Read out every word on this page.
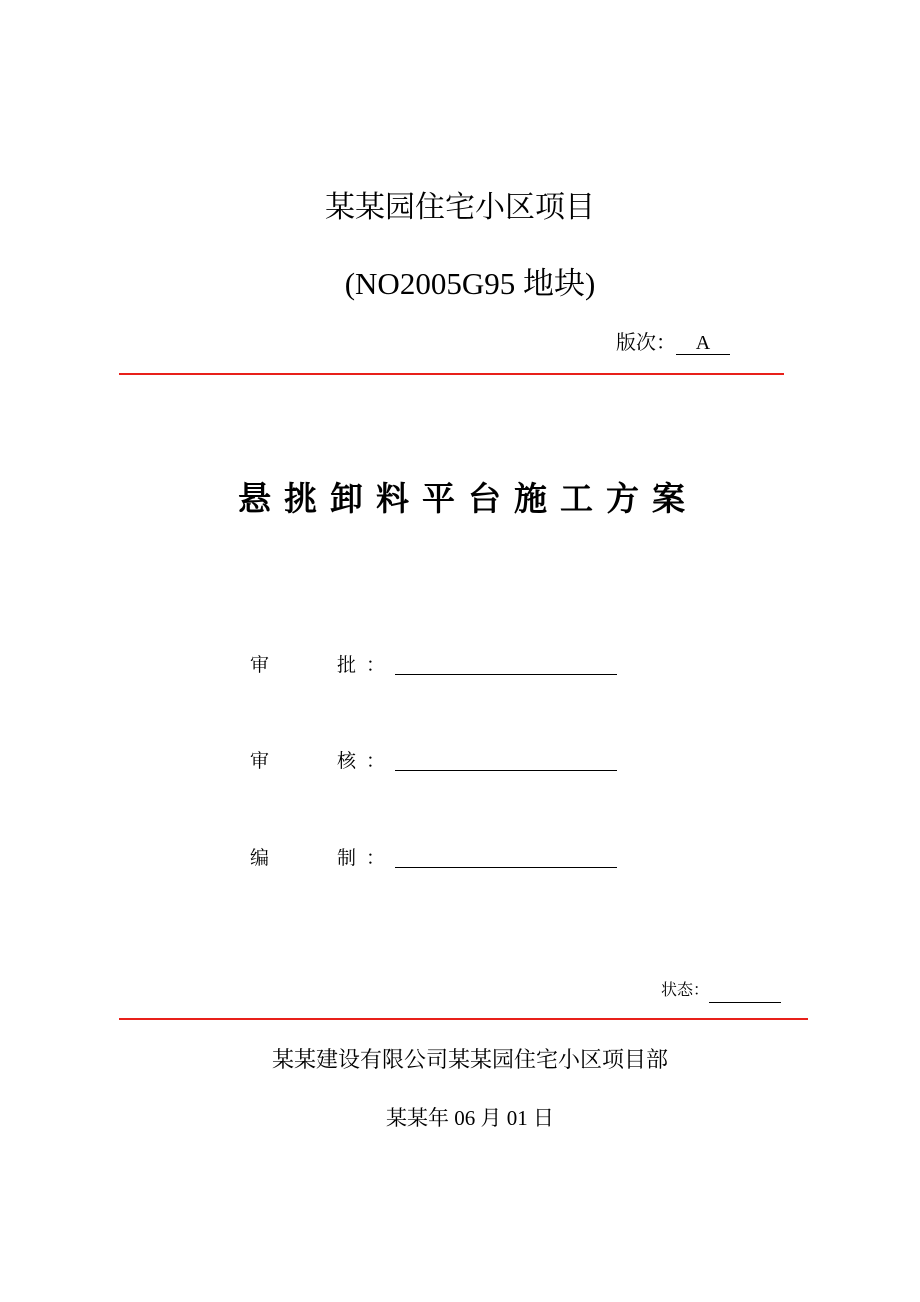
某某园住宅小区项目
(NO2005G95 地块)
版次： A
悬挑卸料平台施工方案
审	批 ：
审	核 ：
编	制 ：
状态：
某某建设有限公司某某园住宅小区项目部
某某年 06 月 01 日
